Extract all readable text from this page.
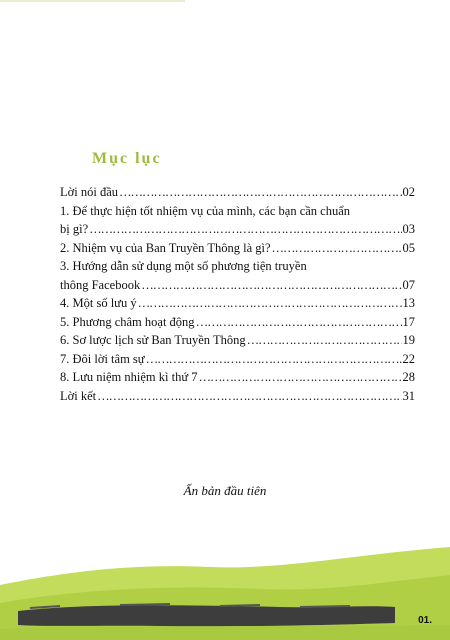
Mục lục
Lời nói đầu ………………………………………………………………………………………………………………	02
1. Để thực hiện tốt nhiệm vụ của mình, các bạn cần chuẩn
bị gì? ………………………………………………………………………………………………………………	03
2. Nhiệm vụ của Ban Truyền Thông là gì? ………………………………………………………………………………………………………………	05
3. Hướng dẫn sử dụng một số phương tiện truyền
thông Facebook ………………………………………………………………………………………………………………	07
4. Một số lưu ý ………………………………………………………………………………………………………………	13
5. Phương châm hoạt động ………………………………………………………………………………………………………………	17
6. Sơ lược lịch sử Ban Truyền Thông ………………………………………………………………………………………………………………	19
7. Đôi lời tâm sự ………………………………………………………………………………………………………………	22
8. Lưu niệm nhiệm kì thứ 7 ………………………………………………………………………………………………………………	28
Lời kết ………………………………………………………………………………………………………………	31
Ấn bản đầu tiên
01.
